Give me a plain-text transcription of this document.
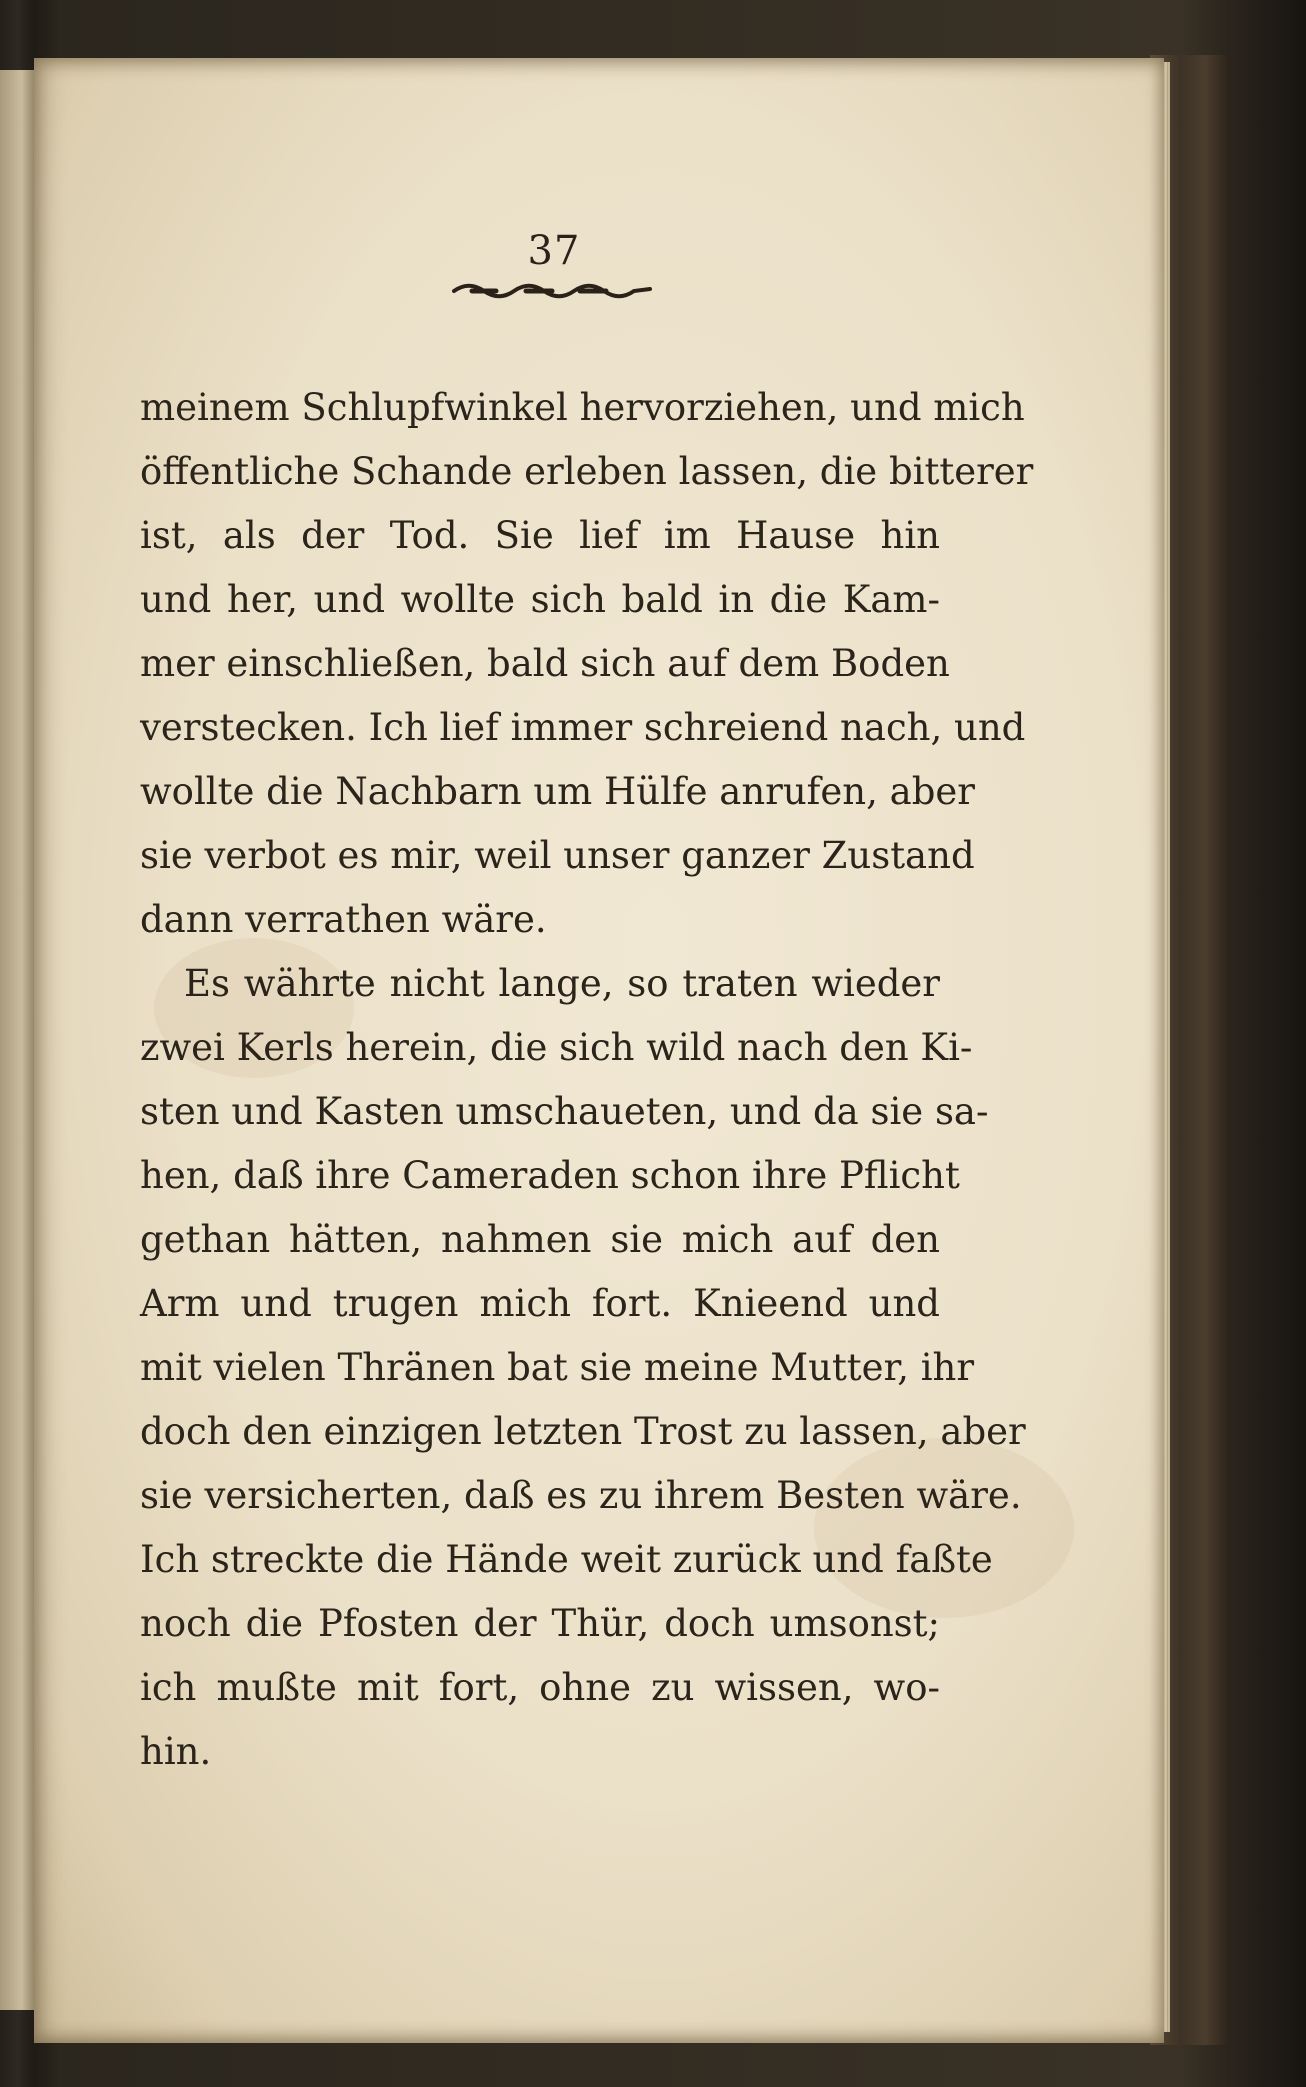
37
meinem Schlupfwinkel hervorziehen, und mich
öffentliche Schande erleben lassen, die bitterer
ist, als der Tod. Sie lief im Hause hin
und her, und wollte sich bald in die Kam-
mer einschließen, bald sich auf dem Boden
verstecken. Ich lief immer schreiend nach, und
wollte die Nachbarn um Hülfe anrufen, aber
sie verbot es mir, weil unser ganzer Zustand
dann verrathen wäre.
Es währte nicht lange, so traten wieder
zwei Kerls herein, die sich wild nach den Ki-
sten und Kasten umschaueten, und da sie sa-
hen, daß ihre Cameraden schon ihre Pflicht
gethan hätten, nahmen sie mich auf den
Arm und trugen mich fort. Knieend und
mit vielen Thränen bat sie meine Mutter, ihr
doch den einzigen letzten Trost zu lassen, aber
sie versicherten, daß es zu ihrem Besten wäre.
Ich streckte die Hände weit zurück und faßte
noch die Pfosten der Thür, doch umsonst;
ich mußte mit fort, ohne zu wissen, wo-
hin.
